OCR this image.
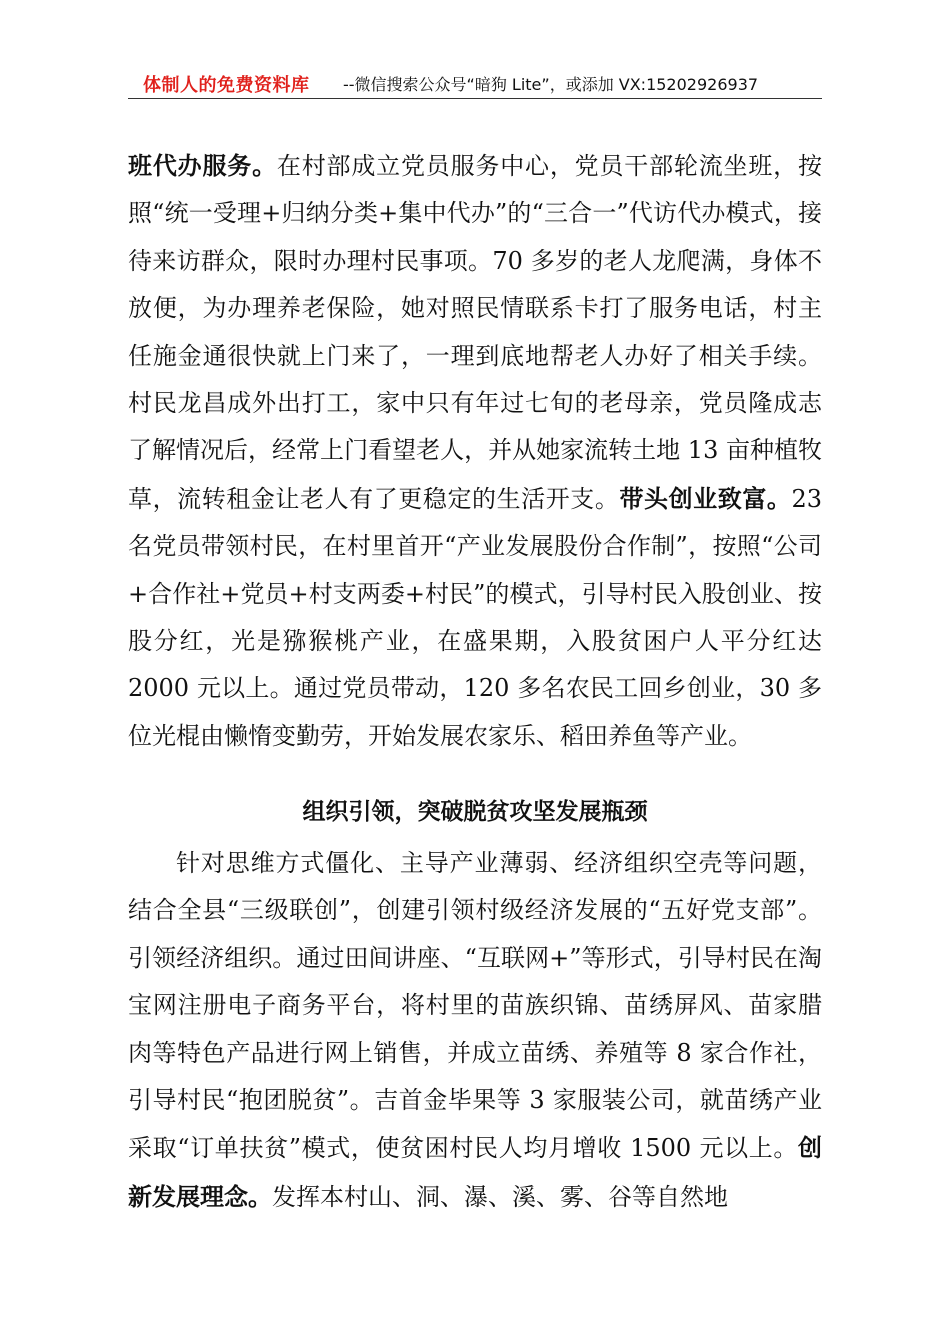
体制人的免费资料库 --微信搜索公众号“暗狗 Lite”，或添加 VX:15202926937

班代办服务。在村部成立党员服务中心，党员干部轮流坐班，按照“统一受理+归纳分类+集中代办”的“三合一”代访代办模式，接待来访群众，限时办理村民事项。70 多岁的老人龙爬满，身体不放便，为办理养老保险，她对照民情联系卡打了服务电话，村主任施金通很快就上门来了，一理到底地帮老人办好了相关手续。村民龙昌成外出打工，家中只有年过七旬的老母亲，党员隆成志了解情况后，经常上门看望老人，并从她家流转土地 13 亩种植牧草，流转租金让老人有了更稳定的生活开支。带头创业致富。23 名党员带领村民，在村里首开“产业发展股份合作制”，按照“公司+合作社+党员+村支两委+村民”的模式，引导村民入股创业、按股分红，光是猕猴桃产业，在盛果期，入股贫困户人平分红达 2000 元以上。通过党员带动，120 多名农民工回乡创业，30 多位光棍由懒惰变勤劳，开始发展农家乐、稻田养鱼等产业。

组织引领，突破脱贫攻坚发展瓶颈

针对思维方式僵化、主导产业薄弱、经济组织空壳等问题，结合全县“三级联创”，创建引领村级经济发展的“五好党支部”。引领经济组织。通过田间讲座、“互联网+”等形式，引导村民在淘宝网注册电子商务平台，将村里的苗族织锦、苗绣屏风、苗家腊肉等特色产品进行网上销售，并成立苗绣、养殖等 8 家合作社，引导村民“抱团脱贫”。吉首金毕果等 3 家服装公司，就苗绣产业采取“订单扶贫”模式，使贫困村民人均月增收 1500 元以上。创新发展理念。发挥本村山、洞、瀑、溪、雾、谷等自然地
